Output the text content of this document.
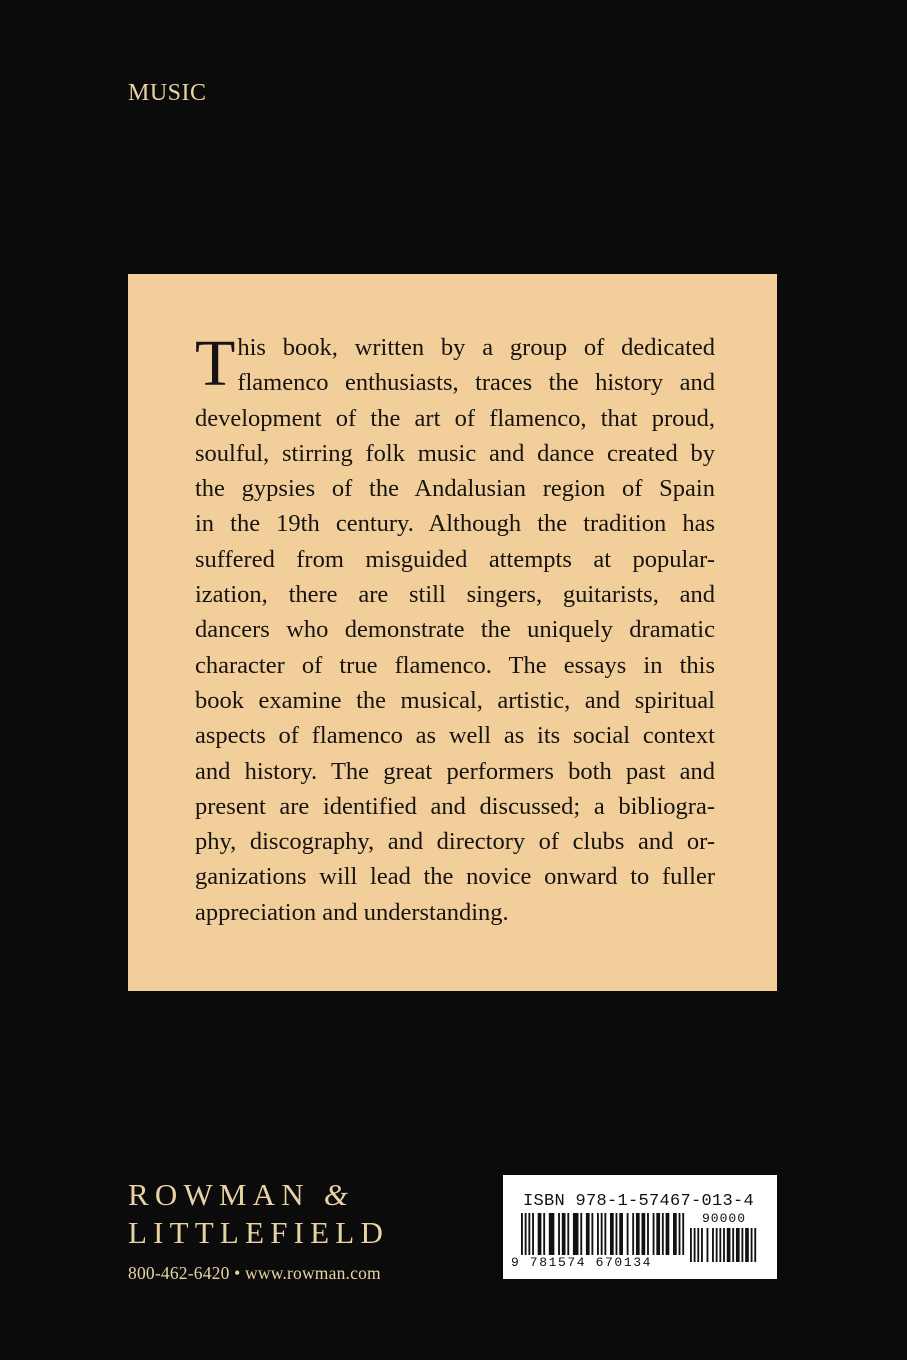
MUSIC
T his book, written by a group of dedicated
flamenco enthusiasts, traces the history and
development of the art of flamenco, that proud,
soulful, stirring folk music and dance created by
the gypsies of the Andalusian region of Spain
in the 19th century. Although the tradition has
suffered from misguided attempts at popular-
ization, there are still singers, guitarists, and
dancers who demonstrate the uniquely dramatic
character of true flamenco. The essays in this
book examine the musical, artistic, and spiritual
aspects of flamenco as well as its social context
and history. The great performers both past and
present are identified and discussed; a bibliogra-
phy, discography, and directory of clubs and or-
ganizations will lead the novice onward to fuller
appreciation and understanding.
ROWMAN &
LITTLEFIELD
800-462-6420 • www.rowman.com
ISBN 978-1-57467-013-4
90000
9 781574 670134
